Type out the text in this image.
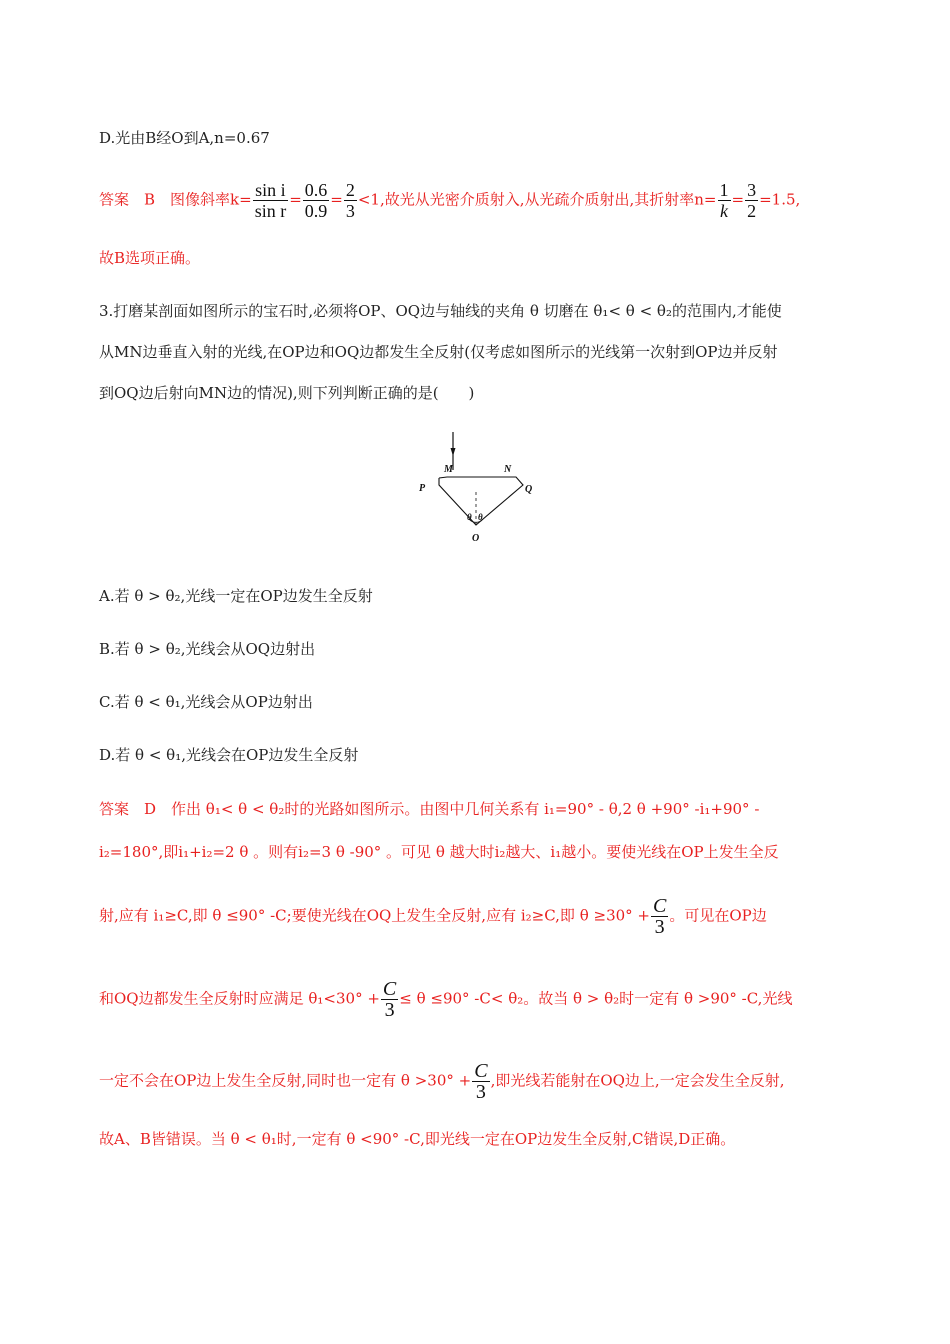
D.光由B经O到A,n=0.67
答案　B　图像斜率$k= \frac{\text{sin i}}{\text{sin r}} = \frac{0.6}{0.9} = \frac{2}{3} <1$,故光从光密介质射入,从光疏介质射出,其折射率$n= \frac{1}{k} = \frac{3}{2} =1.5$,
故B选项正确。
3.打磨某剖面如图所示的宝石时,必须将OP、OQ边与轴线的夹角 θ 切磨在 θ₁< θ < θ₂的范围内,才能使
从MN边垂直入射的光线,在OP边和OQ边都发生全反射(仅考虑如图所示的光线第一次射到OP边并反射
到OQ边后射向MN边的情况),则下列判断正确的是(　　)
M	N
P	Q
O
θ θ
A.若 θ > θ₂,光线一定在OP边发生全反射
B.若 θ > θ₂,光线会从OQ边射出
C.若 θ < θ₁,光线会从OP边射出
D.若 θ < θ₁,光线会在OP边发生全反射
答案　D　作出 θ₁< θ < θ₂时的光路如图所示。由图中几何关系有 i₁=90° - θ,2 θ +90° -i₁+90° -
i₂=180°,即i₁+i₂=2 θ 。则有i₂=3 θ -90° 。可见 θ 越大时i₂越大、i₁越小。要使光线在OP上发生全反
射,应有 i₁≥C,即 θ ≤90° -C;要使光线在OQ上发生全反射,应有 i₂≥C,即 $\theta \ge 30^\circ + \frac{C}{3}$ 。可见在OP边
和OQ边都发生全反射时应满足 $\theta_1<30^\circ + \frac{C}{3} \le \theta \le 90^\circ$ -C< θ₂。故当 θ > θ₂时一定有 θ >90° -C,光线
一定不会在OP边上发生全反射,同时也一定有 $\theta >30^\circ + \frac{C}{3}$ ,即光线若能射在OQ边上,一定会发生全反射,
故A、B皆错误。当 θ < θ₁时,一定有 θ <90° -C,即光线一定在OP边发生全反射,C错误,D正确。
